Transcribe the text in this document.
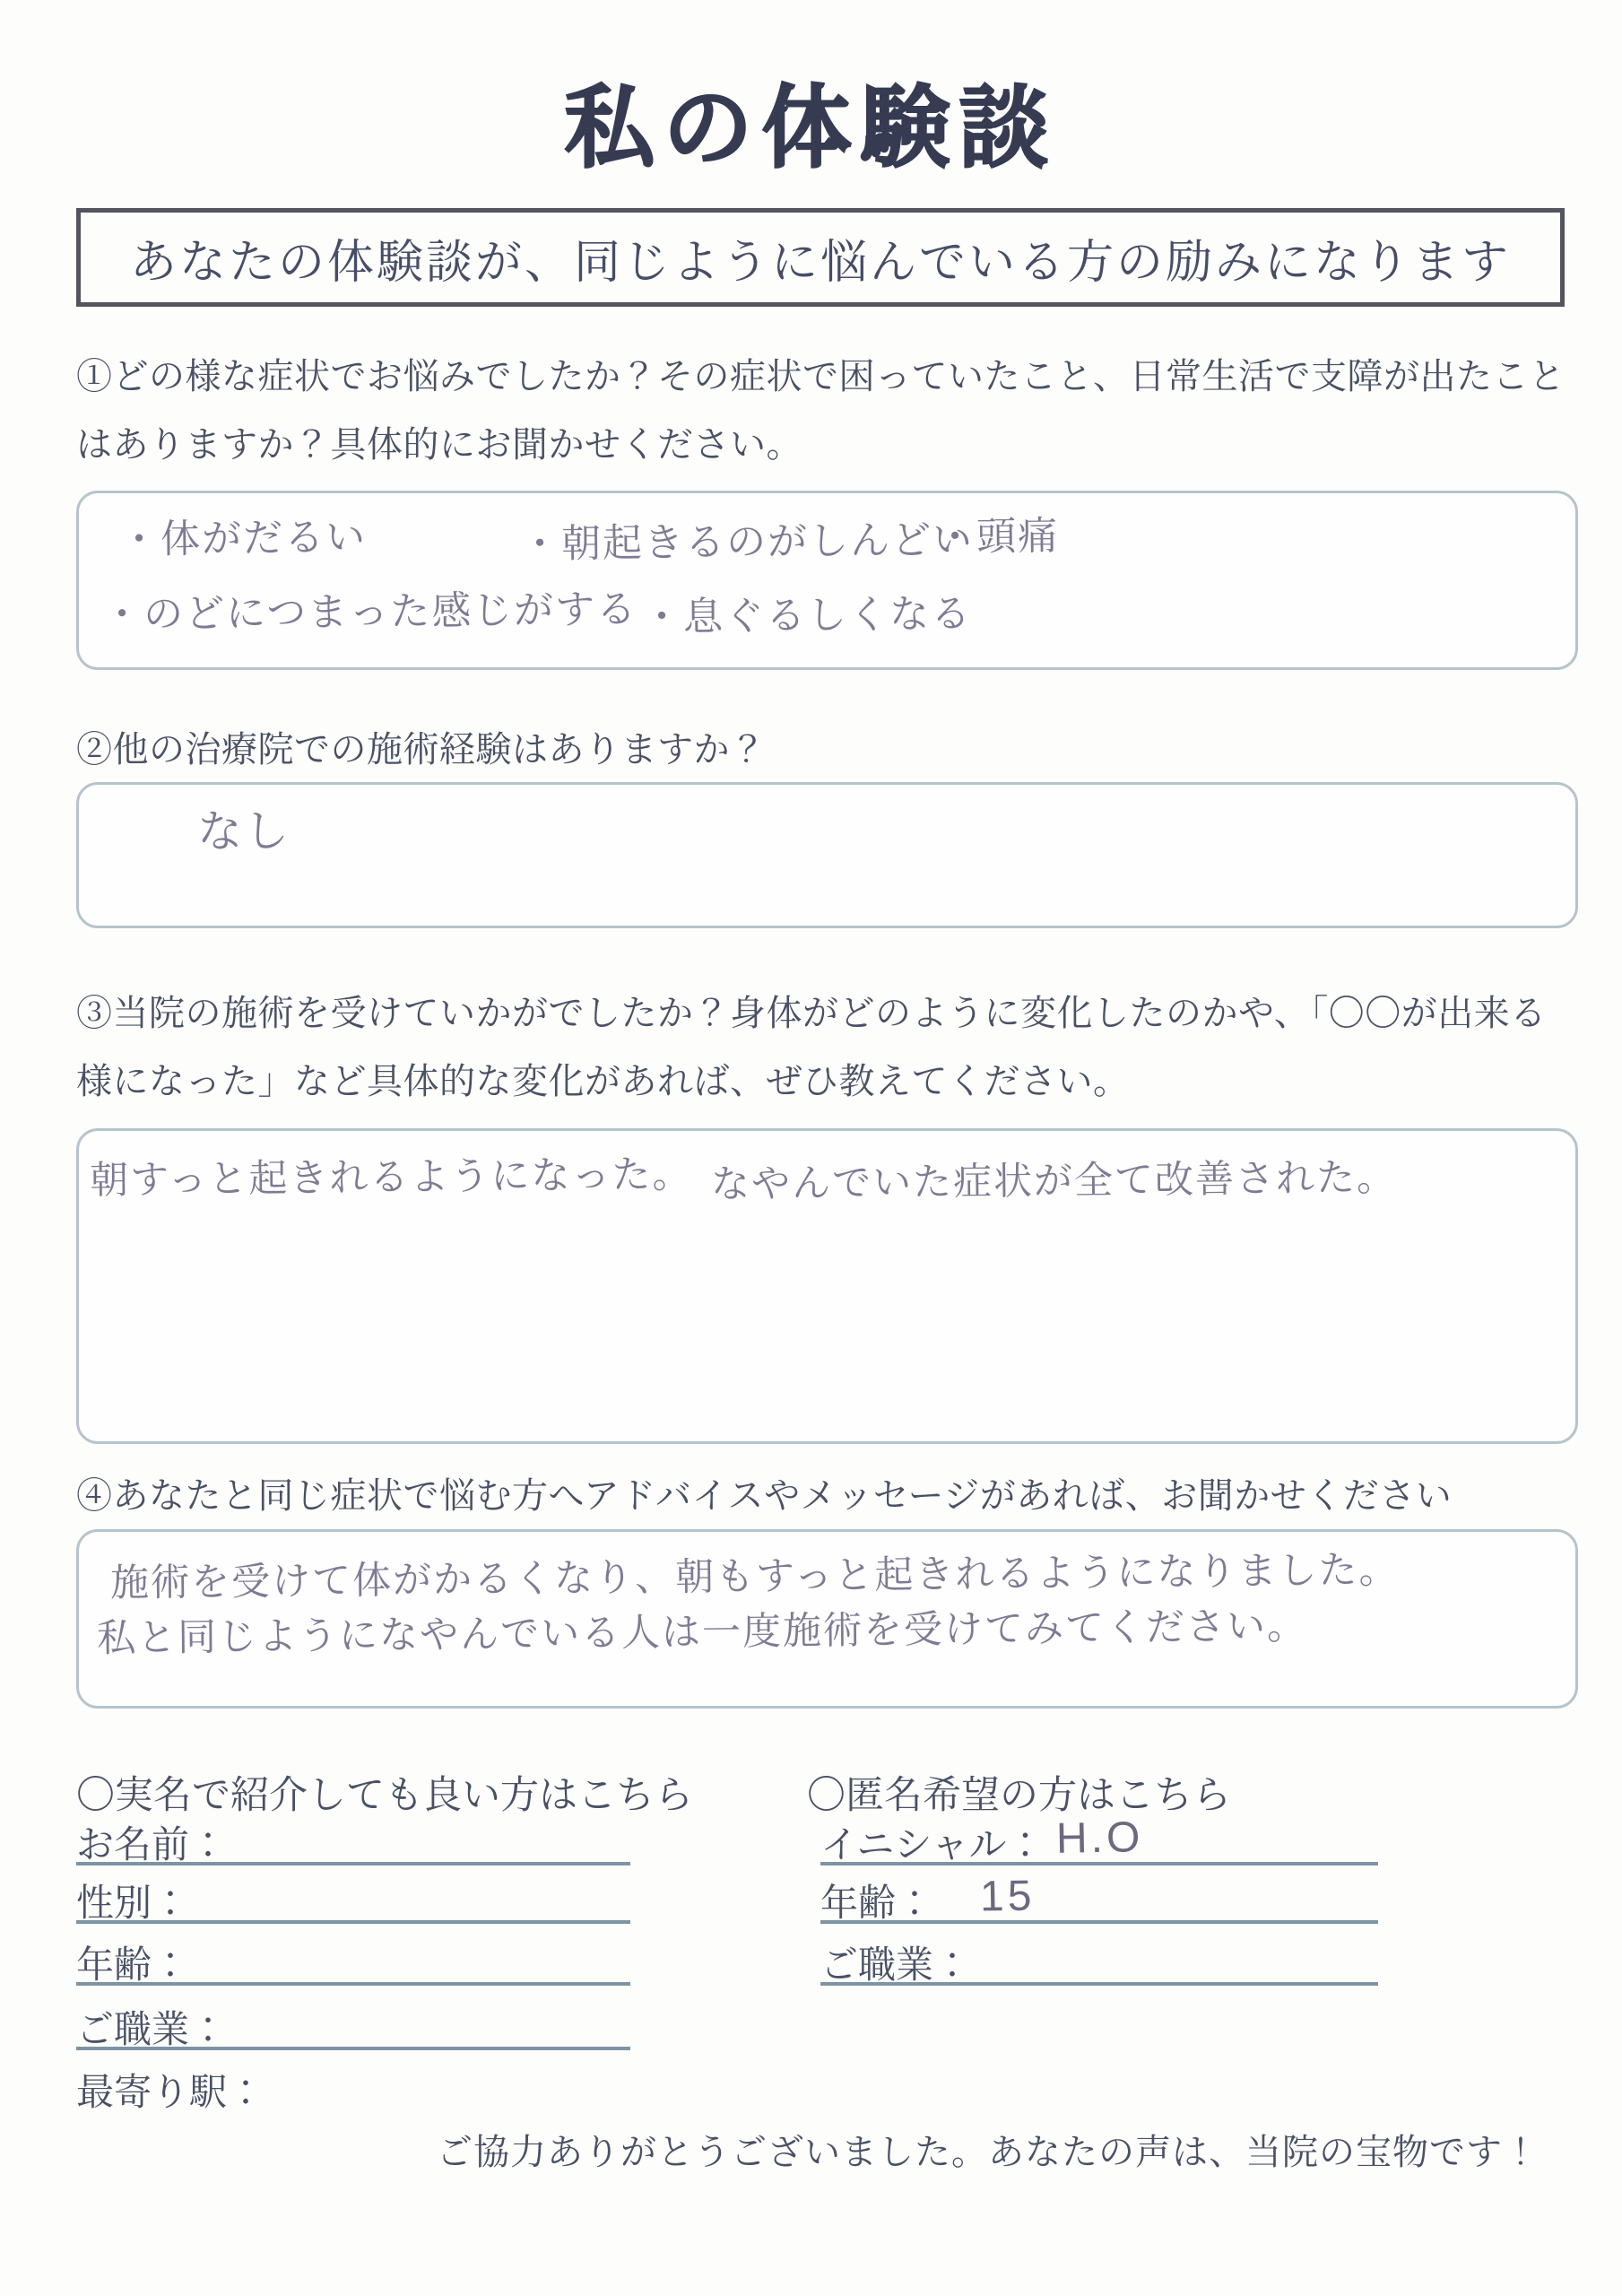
私の体験談
あなたの体験談が、同じように悩んでいる方の励みになります

①どの様な症状でお悩みでしたか？その症状で困っていたこと、日常生活で支障が出たことはありますか？具体的にお聞かせください。

・体がだるい	・朝起きるのがしんどい
・頭痛
・のどにつまった感じがする ・息ぐるしくなる

②他の治療院での施術経験はありますか？

なし

③当院の施術を受けていかがでしたか？身体がどのように変化したのかや、「〇〇が出来る様になった」など具体的な変化があれば、ぜひ教えてください。

朝すっと起きれるようになった。 なやんでいた症状が全て改善された。

④あなたと同じ症状で悩む方へアドバイスやメッセージがあれば、お聞かせください

施術を受けて体がかるくなり、朝もすっと起きれるようになりました。
私と同じようになやんでいる人は一度施術を受けてみてください。

〇実名で紹介しても良い方はこちら

お名前：
性別：
年齢：
ご職業：
最寄り駅：

〇匿名希望の方はこちら

イニシャル： H.O
年齢： 15
ご職業：

ご協力ありがとうございました。あなたの声は、当院の宝物です！
